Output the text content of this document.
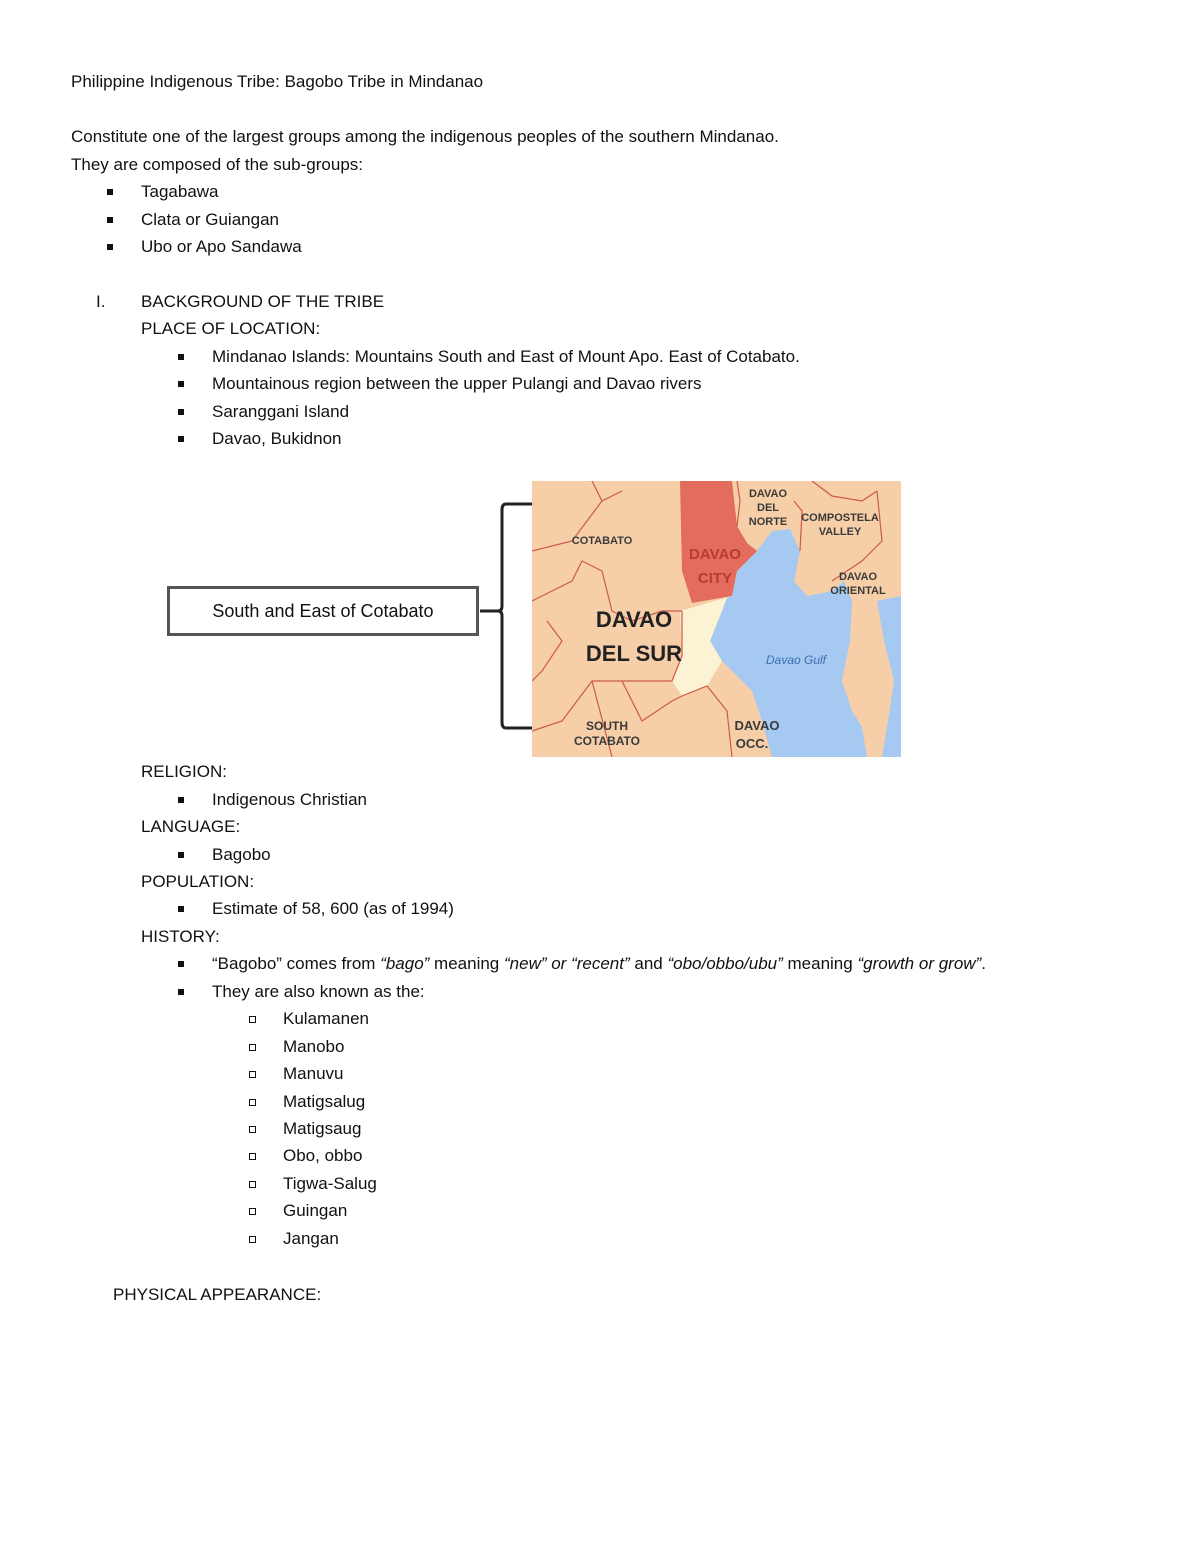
Philippine Indigenous Tribe: Bagobo Tribe in Mindanao
Constitute one of the largest groups among the indigenous peoples of the southern Mindanao.
They are composed of the sub-groups:
Tagabawa
Clata or Guiangan
Ubo or Apo Sandawa
I. BACKGROUND OF THE TRIBE
PLACE OF LOCATION:
Mindanao Islands: Mountains South and East of Mount Apo. East of Cotabato.
Mountainous region between the upper Pulangi and Davao rivers
Saranggani Island
Davao, Bukidnon
South and East of Cotabato
DAVAO
DEL
NORTE COMPOSTELA
VALLEY
COTABATO
DAVAO
CITY	DAVAO
ORIENTAL
DAVAO
DEL SUR	Davao Gulf
SOUTH
COTABATO
DAVAO
OCC.
RELIGION:
Indigenous Christian
LANGUAGE:
Bagobo
POPULATION:
Estimate of 58, 600 (as of 1994)
HISTORY:
“Bagobo” comes from “bago” meaning “new” or “recent” and “obo/obbo/ubu” meaning “growth or grow”.
They are also known as the:
Kulamanen
Manobo
Manuvu
Matigsalug
Matigsaug
Obo, obbo
Tigwa-Salug
Guingan
Jangan
PHYSICAL APPEARANCE:
